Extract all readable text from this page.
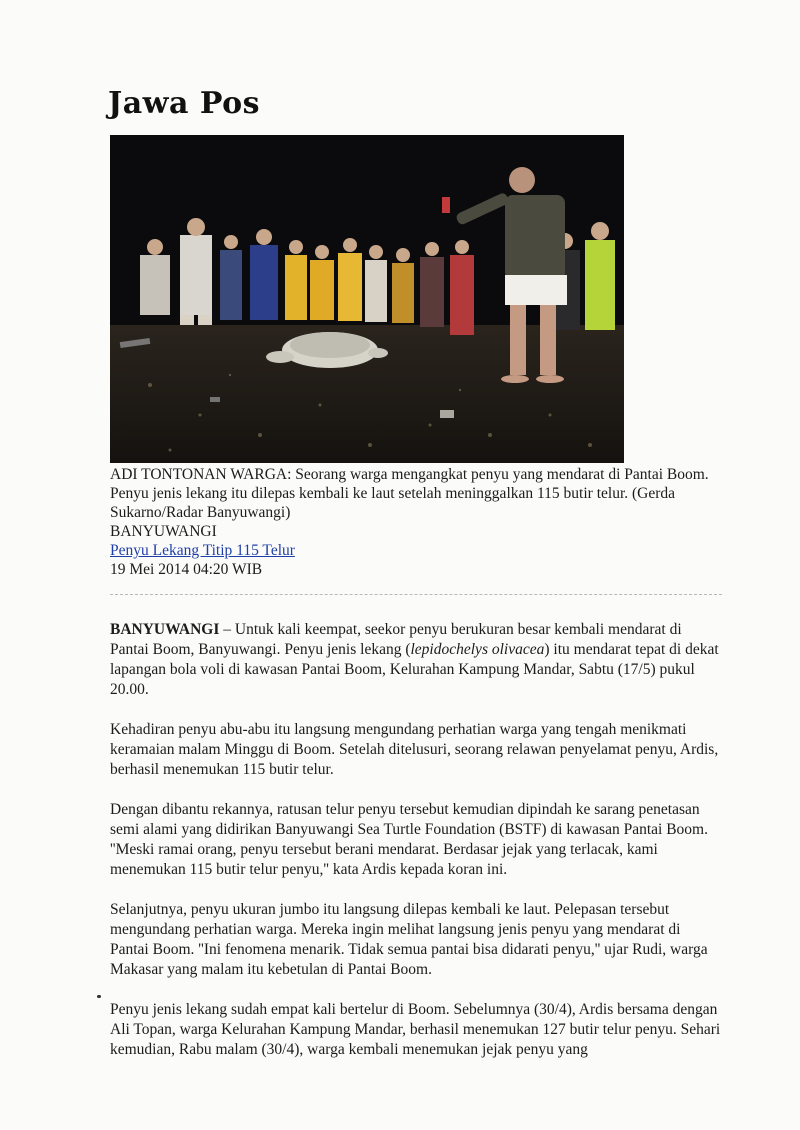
Jawa Pos
ADI TONTONAN WARGA: Seorang warga mengangkat penyu yang mendarat di Pantai Boom. Penyu jenis lekang itu dilepas kembali ke laut setelah meninggalkan 115 butir telur. (Gerda Sukarno/Radar Banyuwangi)
BANYUWANGI
Penyu Lekang Titip 115 Telur
19 Mei 2014 04:20 WIB

BANYUWANGI – Untuk kali keempat, seekor penyu berukuran besar kembali mendarat di Pantai Boom, Banyuwangi. Penyu jenis lekang (lepidochelys olivacea) itu mendarat tepat di dekat lapangan bola voli di kawasan Pantai Boom, Kelurahan Kampung Mandar, Sabtu (17/5) pukul 20.00.

Kehadiran penyu abu-abu itu langsung mengundang perhatian warga yang tengah menikmati keramaian malam Minggu di Boom. Setelah ditelusuri, seorang relawan penyelamat penyu, Ardis, berhasil menemukan 115 butir telur.

Dengan dibantu rekannya, ratusan telur penyu tersebut kemudian dipindah ke sarang penetasan semi alami yang didirikan Banyuwangi Sea Turtle Foundation (BSTF) di kawasan Pantai Boom. ''Meski ramai orang, penyu tersebut berani mendarat. Berdasar jejak yang terlacak, kami menemukan 115 butir telur penyu,'' kata Ardis kepada koran ini.

Selanjutnya, penyu ukuran jumbo itu langsung dilepas kembali ke laut. Pelepasan tersebut mengundang perhatian warga. Mereka ingin melihat langsung jenis penyu yang mendarat di Pantai Boom. ''Ini fenomena menarik. Tidak semua pantai bisa didarati penyu,'' ujar Rudi, warga Makasar yang malam itu kebetulan di Pantai Boom.

Penyu jenis lekang sudah empat kali bertelur di Boom. Sebelumnya (30/4), Ardis bersama dengan Ali Topan, warga Kelurahan Kampung Mandar, berhasil menemukan 127 butir telur penyu. Sehari kemudian, Rabu malam (30/4), warga kembali menemukan jejak penyu yang
